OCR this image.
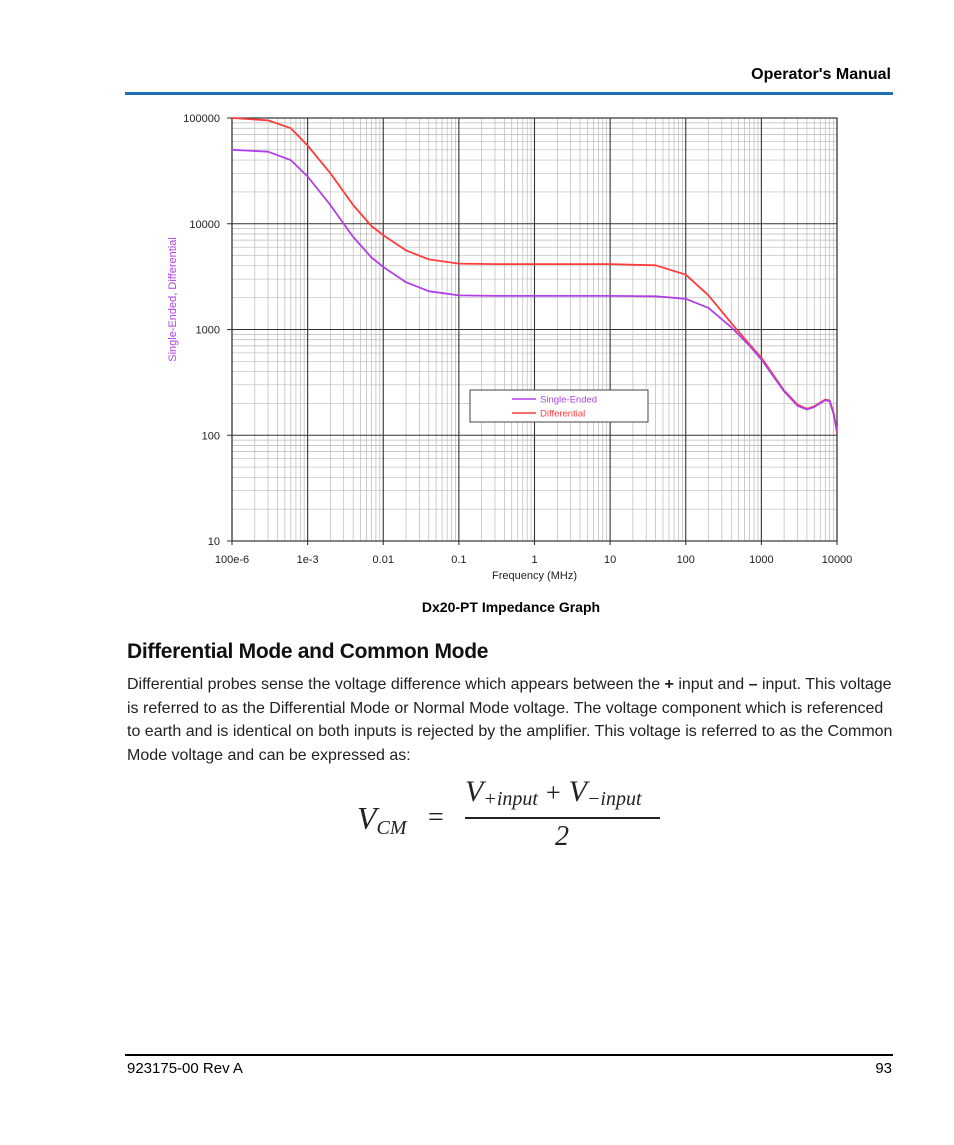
Operator's Manual
100e-6	1e-3	0.01	0.1	1	10	100	1000	10000
100000
10000
1000
100
10
Frequency (MHz)
Single-Ended, Differential
Single-Ended
Differential
Dx20-PT Impedance Graph
Differential Mode and Common Mode
Differential probes sense the voltage difference which appears between the + input and – input. This voltage is referred to as the Differential Mode or Normal Mode voltage. The voltage component which is referenced to earth and is identical on both inputs is rejected by the amplifier. This voltage is referred to as the Common Mode voltage and can be expressed as:
$V_{CM}$ =
$V_{+input} + V_{-input}$
2
923175-00 Rev A	93
